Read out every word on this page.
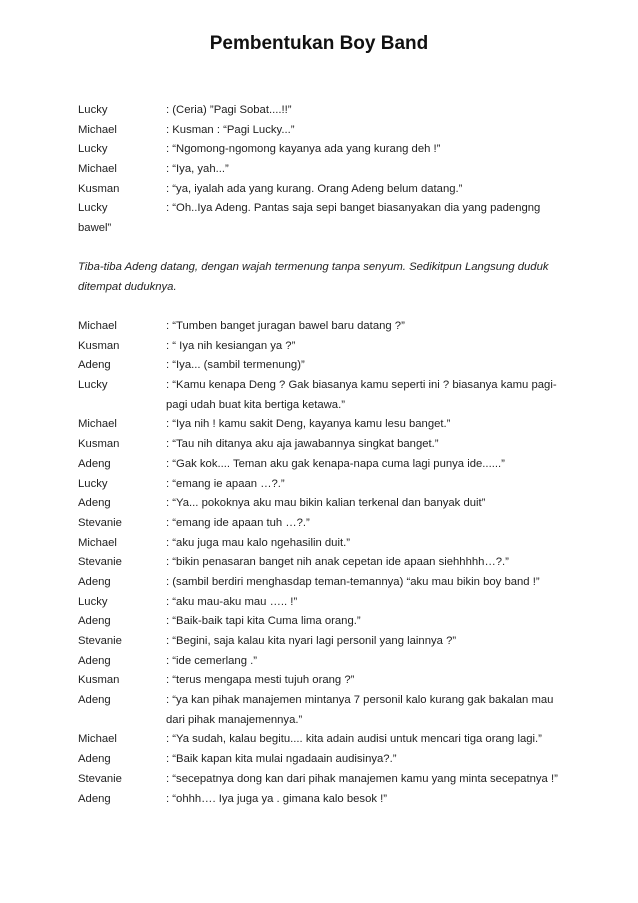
Pembentukan Boy Band
Lucky	: (Ceria) ”Pagi Sobat....!!”
Michael	: Kusman : “Pagi Lucky...”
Lucky	: “Ngomong-ngomong kayanya ada yang kurang deh !”
Michael	: “Iya, yah...”
Kusman	: “ya, iyalah ada yang kurang. Orang Adeng belum datang.”
Lucky	: “Oh..Iya Adeng. Pantas saja sepi banget biasanyakan dia yang padengng
bawel”
Tiba-tiba Adeng datang, dengan wajah termenung tanpa senyum. Sedikitpun Langsung duduk
ditempat duduknya.
Michael	: “Tumben banget juragan bawel baru datang ?”
Kusman	: “ Iya nih kesiangan ya ?”
Adeng	: “Iya... (sambil termenung)”
Lucky	: “Kamu kenapa Deng ? Gak biasanya kamu seperti ini ? biasanya kamu pagi-
pagi udah buat kita bertiga ketawa.”
Michael	: “Iya nih ! kamu sakit Deng, kayanya kamu lesu banget.”
Kusman	: “Tau nih ditanya aku aja jawabannya singkat banget.”
Adeng	: “Gak kok.... Teman aku gak kenapa-napa cuma lagi punya ide......”
Lucky	: “emang ie apaan …?.”
Adeng	: “Ya... pokoknya aku mau bikin kalian terkenal dan banyak duit”
Stevanie	: “emang ide apaan tuh …?.”
Michael	: “aku juga mau kalo ngehasilin duit.”
Stevanie	: “bikin penasaran banget nih anak cepetan ide apaan siehhhhh…?.”
Adeng	: (sambil berdiri menghasdap teman-temannya) “aku mau bikin boy band !”
Lucky	: “aku mau-aku mau ….. !”
Adeng	: “Baik-baik tapi kita Cuma lima orang.”
Stevanie	: “Begini, saja kalau kita nyari lagi personil yang lainnya ?”
Adeng	: “ide cemerlang .”
Kusman	: “terus mengapa mesti tujuh orang ?”
Adeng	: “ya kan pihak manajemen mintanya 7 personil kalo kurang gak bakalan mau
dari pihak manajemennya.”
Michael	: “Ya sudah, kalau begitu.... kita adain audisi untuk mencari tiga orang lagi.”
Adeng	: “Baik kapan kita mulai ngadaain audisinya?.”
Stevanie	: “secepatnya dong kan dari pihak manajemen kamu yang minta secepatnya !”
Adeng	: “ohhh…. Iya juga ya . gimana kalo besok !”
